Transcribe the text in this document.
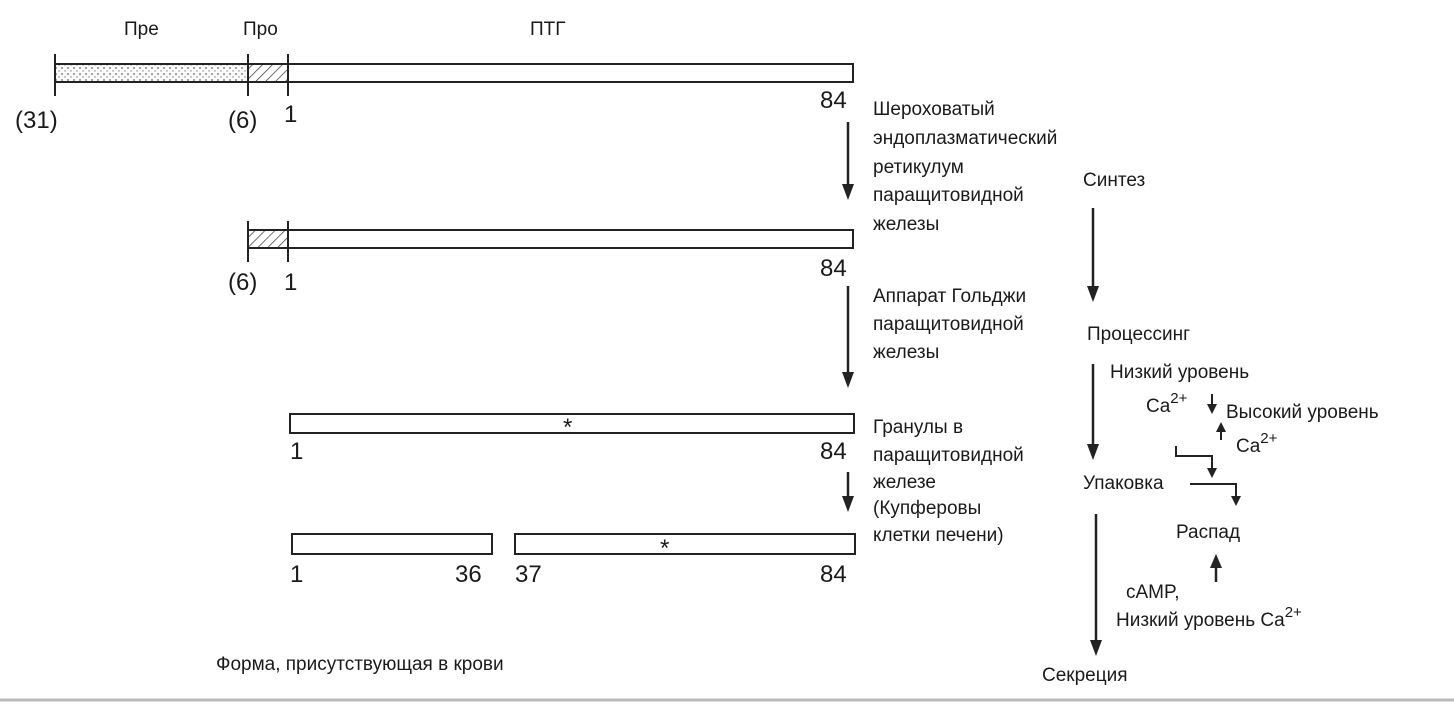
Пре	Про	ПТГ
(31)	(6) 1
84
(6) 1
84
*
1	84
*
1	36 37	84
Шероховатый
эндоплазматический
ретикулум
паращитовидной
железы
Аппарат Гольджи
паращитовидной
железы
Гранулы в
паращитовидной
железе
(Купферовы
клетки печени)
Синтез
Процессинг
Упаковка
Секреция
Низкий уровень
$Ca^{2+}$
Высокий уровень
$Ca^{2+}$
Распад
cAMP,
Низкий уровень $Ca^{2+}$
Форма, присутствующая в крови
